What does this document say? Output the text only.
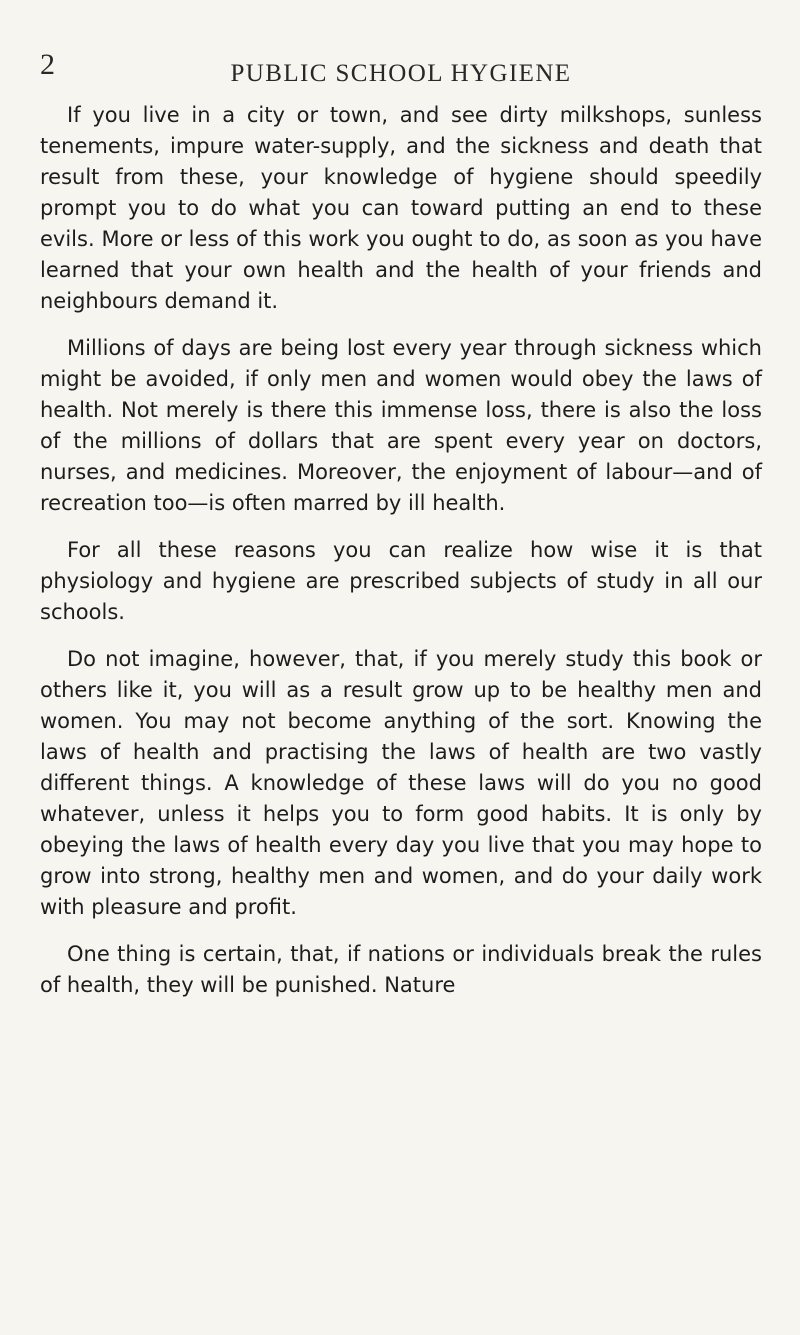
2	PUBLIC SCHOOL HYGIENE

If you live in a city or town, and see dirty milkshops, sunless tenements, impure water-supply, and the sickness and death that result from these, your knowledge of hygiene should speedily prompt you to do what you can toward putting an end to these evils. More or less of this work you ought to do, as soon as you have learned that your own health and the health of your friends and neighbours demand it.

Millions of days are being lost every year through sickness which might be avoided, if only men and women would obey the laws of health. Not merely is there this immense loss, there is also the loss of the millions of dollars that are spent every year on doctors, nurses, and medicines. Moreover, the enjoyment of labour—and of recreation too—is often marred by ill health.

For all these reasons you can realize how wise it is that physiology and hygiene are prescribed subjects of study in all our schools.

Do not imagine, however, that, if you merely study this book or others like it, you will as a result grow up to be healthy men and women. You may not become anything of the sort. Knowing the laws of health and practising the laws of health are two vastly different things. A knowledge of these laws will do you no good whatever, unless it helps you to form good habits. It is only by obeying the laws of health every day you live that you may hope to grow into strong, healthy men and women, and do your daily work with pleasure and profit.

One thing is certain, that, if nations or individuals break the rules of health, they will be punished. Nature
